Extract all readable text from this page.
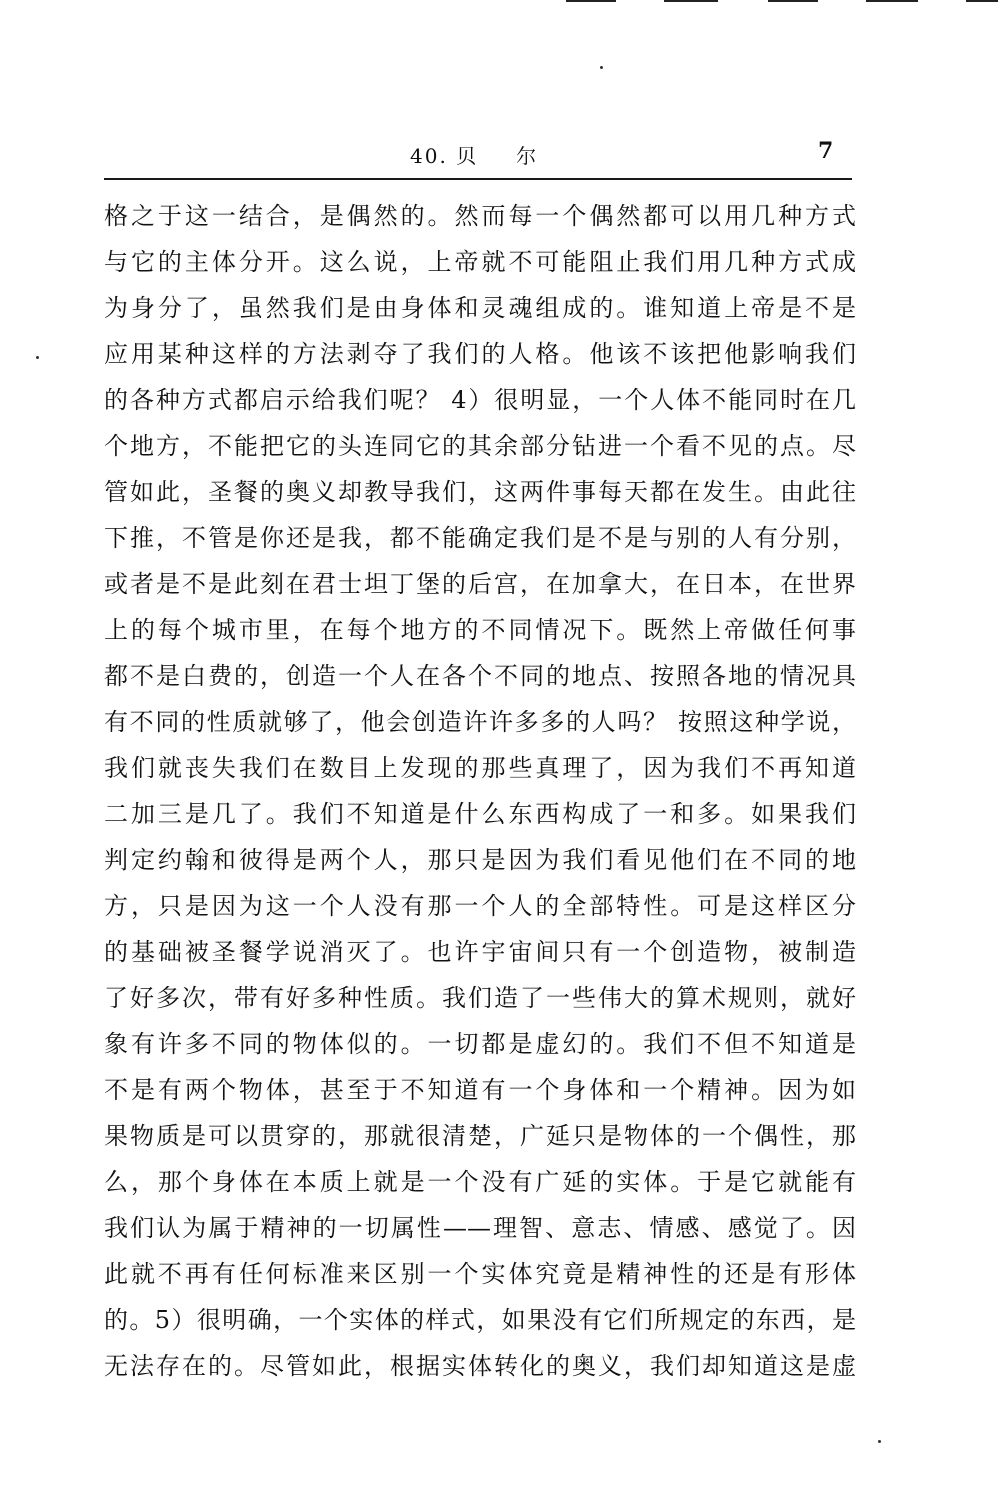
40. 贝 尔	7
格之于这一结合，是偶然的。然而每一个偶然都可以用几种方式
与它的主体分开。这么说，上帝就不可能阻止我们用几种方式成
为身分了，虽然我们是由身体和灵魂组成的。谁知道上帝是不是
应用某种这样的方法剥夺了我们的人格。他该不该把他影响我们
的各种方式都启示给我们呢？ 4）很明显，一个人体不能同时在几
个地方，不能把它的头连同它的其余部分钻进一个看不见的点。尽
管如此，圣餐的奥义却教导我们，这两件事每天都在发生。由此往
下推，不管是你还是我，都不能确定我们是不是与别的人有分别，
或者是不是此刻在君士坦丁堡的后宫，在加拿大，在日本，在世界
上的每个城市里，在每个地方的不同情况下。既然上帝做任何事
都不是白费的，创造一个人在各个不同的地点、按照各地的情况具
有不同的性质就够了，他会创造许许多多的人吗？ 按照这种学说，
我们就丧失我们在数目上发现的那些真理了，因为我们不再知道
二加三是几了。我们不知道是什么东西构成了一和多。如果我们
判定约翰和彼得是两个人，那只是因为我们看见他们在不同的地
方，只是因为这一个人没有那一个人的全部特性。可是这样区分
的基础被圣餐学说消灭了。也许宇宙间只有一个创造物，被制造
了好多次，带有好多种性质。我们造了一些伟大的算术规则，就好
象有许多不同的物体似的。一切都是虚幻的。我们不但不知道是
不是有两个物体，甚至于不知道有一个身体和一个精神。因为如
果物质是可以贯穿的，那就很清楚，广延只是物体的一个偶性，那
么，那个身体在本质上就是一个没有广延的实体。于是它就能有
我们认为属于精神的一切属性——理智、意志、情感、感觉了。因
此就不再有任何标准来区别一个实体究竟是精神性的还是有形体
的。5）很明确，一个实体的样式，如果没有它们所规定的东西，是
无法存在的。尽管如此，根据实体转化的奥义，我们却知道这是虚
